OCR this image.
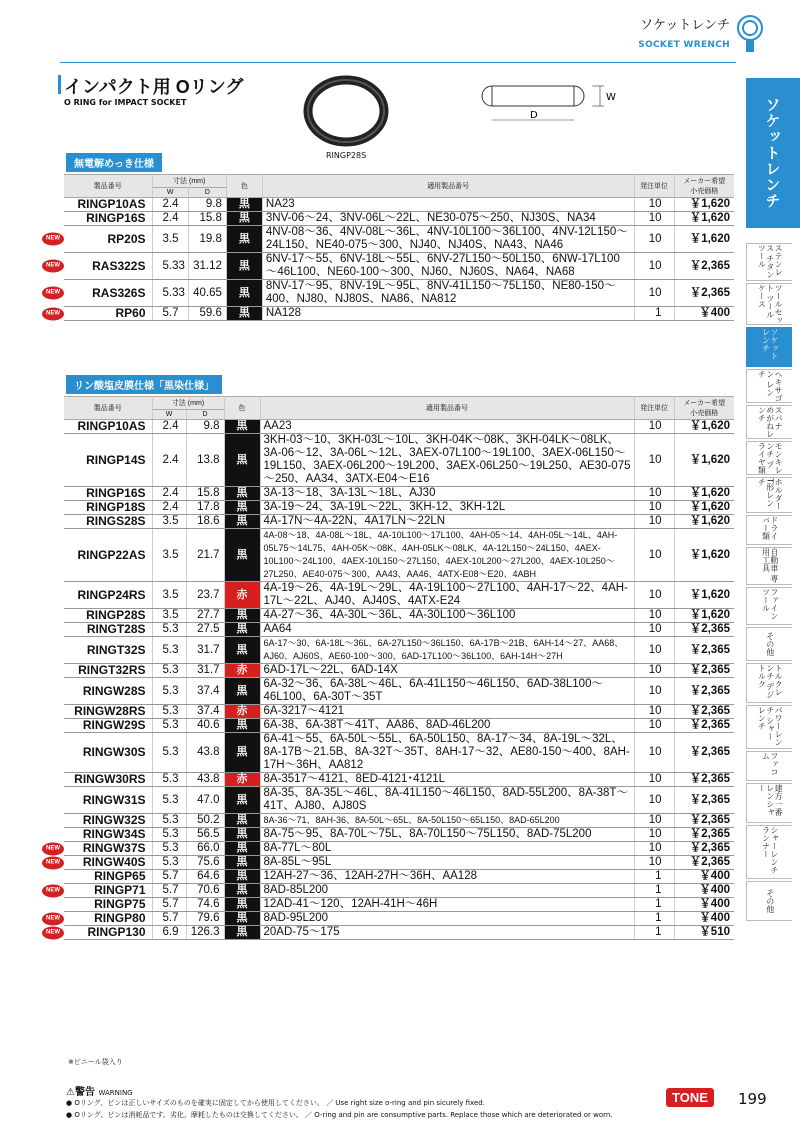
ソケットレンチ
SOCKET WRENCH
ソケットレンチ
ステンレス チタンツール
ツールセット ツールケース
ソケット レンチ
ヘキサゴン レンチ
スパナ めがねレンチ
モンキレンチ プライヤ類
ホルダー T形レンチ
ドライバー類
自動車 専用工具
ファイン ツール
その他
トルクレンチ デジトルク
パワーレンチ シャーレンチ
ファコム
建方一番 レンシャー
シャーレンチ ランナー
その他
インパクト用 Oリング
O RING for IMPACT SOCKET
RINGP28S
W
D
無電解めっき仕様
製品番号	寸法 (mm)		色	適用製品番号	発注単位	メーカー希望
小売価格
	W	D				
RINGP10AS	2.4	9.8	黒	NA23	10	￥1,620
RINGP16S	2.4	15.8	黒	3NV-06～24、3NV-06L～22L、NE30-075～250、NJ30S、NA34	10	￥1,620

NEW RP20S	3.5	19.8	黒	4NV-08～36、4NV-08L～36L、4NV-10L100～36L100、4NV-12L150～24L150、NE40-075～300、NJ40、NJ40S、NA43、NA46	10	￥1,620

NEW RAS322S	5.33	31.12	黒	6NV-17～55、6NV-18L～55L、6NV-27L150～50L150、6NW-17L100～46L100、NE60-100～300、NJ60、NJ60S、NA64、NA68	10	￥2,365

NEW RAS326S	5.33	40.65	黒	8NV-17～95、8NV-19L～95L、8NV-41L150～75L150、NE80-150～400、NJ80、NJ80S、NA86、NA812	10	￥2,365

NEW RP60	5.7	59.6	黒	NA128	1	￥400
リン酸塩皮膜仕様「黒染仕様」
製品番号	寸法 (mm)		色	適用製品番号	発注単位	メーカー希望
小売価格
	W	D				
RINGP10AS	2.4	9.8	黒	AA23	10	￥1,620
RINGP14S	2.4	13.8	黒	3KH-03～10、3KH-03L～10L、3KH-04K～08K、3KH-04LK～08LK、3A-06～12、3A-06L～12L、3AEX-07L100～19L100、3AEX-06L150～19L150、3AEX-06L200～19L200、3AEX-06L250～19L250、AE30-075～250、AA34、3ATX-E04～E16	10	￥1,620
RINGP16S	2.4	15.8	黒	3A-13～18、3A-13L～18L、AJ30	10	￥1,620
RINGP18S	2.4	17.8	黒	3A-19～24、3A-19L～22L、3KH-12、3KH-12L	10	￥1,620
RINGS28S	3.5	18.6	黒	4A-17N～4A-22N、4A17LN～22LN	10	￥1,620
RINGP22AS	3.5	21.7	黒	4A-08～18、4A-08L～18L、4A-10L100～17L100、4AH-05～14、4AH-05L～14L、4AH-05L75～14L75、4AH-05K～08K、4AH-05LK～08LK、4A-12L150～24L150、4AEX-10L100～24L100、4AEX-10L150～27L150、4AEX-10L200～27L200、4AEX-10L250～27L250、AE40-075～300、AA43、AA46、4ATX-E08～E20、4ABH	10	￥1,620
RINGP24RS	3.5	23.7	赤	4A-19～26、4A-19L～29L、4A-19L100～27L100、4AH-17～22、4AH-17L～22L、AJ40、AJ40S、4ATX-E24	10	￥1,620
RINGP28S	3.5	27.7	黒	4A-27～36、4A-30L～36L、4A-30L100～36L100	10	￥1,620
RINGT28S	5.3	27.5	黒	AA64	10	￥2,365
RINGT32S	5.3	31.7	黒	6A-17～30、6A-18L～36L、6A-27L150～36L150、6A-17B～21B、6AH-14～27、AA68、AJ60、AJ60S、AE60-100～300、6AD-17L100～36L100、6AH-14H～27H	10	￥2,365
RINGT32RS	5.3	31.7	赤	6AD-17L～22L、6AD-14X	10	￥2,365
RINGW28S	5.3	37.4	黒	6A-32～36、6A-38L～46L、6A-41L150～46L150、6AD-38L100～46L100、6A-30T～35T	10	￥2,365
RINGW28RS	5.3	37.4	赤	6A-3217～4121	10	￥2,365
RINGW29S	5.3	40.6	黒	6A-38、6A-38T～41T、AA86、8AD-46L200	10	￥2,365
RINGW30S	5.3	43.8	黒	6A-41～55、6A-50L～55L、6A-50L150、8A-17～34、8A-19L～32L、8A-17B～21.5B、8A-32T～35T、8AH-17～32、AE80-150～400、8AH-17H～36H、AA812	10	￥2,365
RINGW30RS	5.3	43.8	赤	8A-3517～4121、8ED-4121･4121L	10	￥2,365
RINGW31S	5.3	47.0	黒	8A-35、8A-35L～46L、8A-41L150～46L150、8AD-55L200、8A-38T～41T、AJ80、AJ80S	10	￥2,365
RINGW32S	5.3	50.2	黒	8A-36～71、8AH-36、8A-50L～65L、8A-50L150～65L150、8AD-65L200	10	￥2,365
RINGW34S	5.3	56.5	黒	8A-75～95、8A-70L～75L、8A-70L150～75L150、8AD-75L200	10	￥2,365

NEW RINGW37S	5.3	66.0	黒	8A-77L～80L	10	￥2,365

NEW RINGW40S	5.3	75.6	黒	8A-85L～95L	10	￥2,365
RINGP65	5.7	64.6	黒	12AH-27～36、12AH-27H～36H、AA128	1	￥400

NEW RINGP71	5.7	70.6	黒	8AD-85L200	1	￥400
RINGP75	5.7	74.6	黒	12AD-41～120、12AH-41H～46H	1	￥400

NEW RINGP80	5.7	79.6	黒	8AD-95L200	1	￥400

NEW RINGP130	6.9	126.3	黒	20AD-75～175	1	￥510
※ビニール袋入り
⚠警告 WARNING
● Oリング、ピンは正しいサイズのものを確実に固定してから使用してください。 ／ Use right size o-ring and pin sicurely fixed.
● Oリング、ピンは消耗品です。劣化、摩耗したものは交換してください。 ／ O-ring and pin are consumptive parts. Replace those which are deteriorated or worn.
TONE	199
